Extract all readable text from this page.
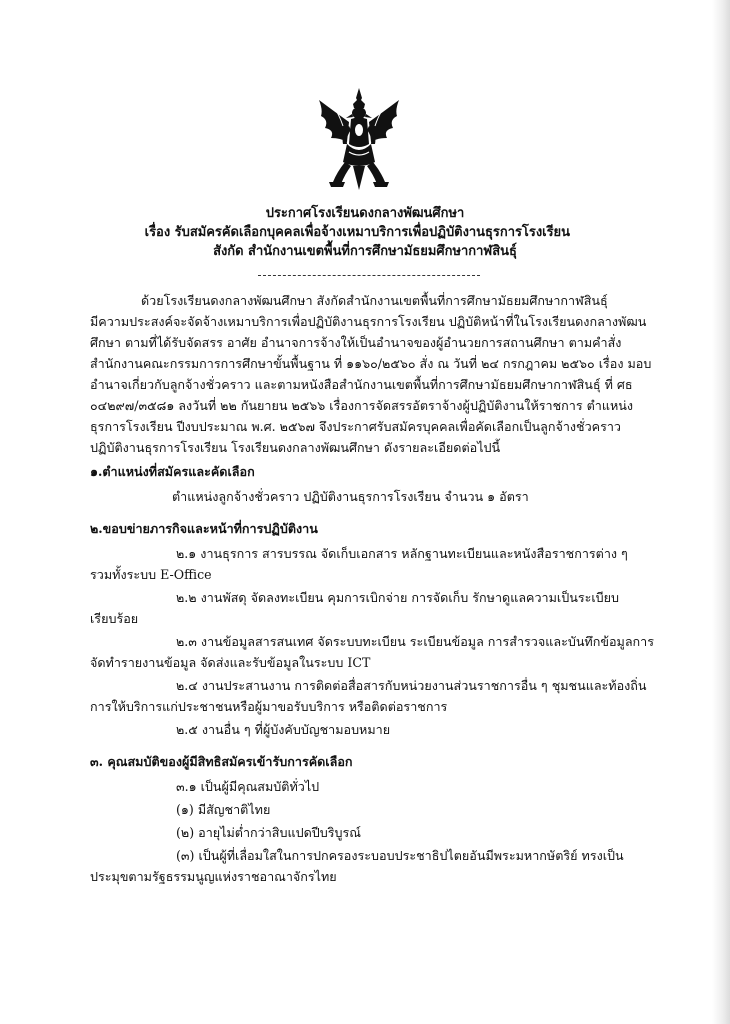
ประกาศโรงเรียนดงกลางพัฒนศึกษา
เรื่อง รับสมัครคัดเลือกบุคคลเพื่อจ้างเหมาบริการเพื่อปฏิบัติงานธุรการโรงเรียน
สังกัด สำนักงานเขตพื้นที่การศึกษามัธยมศึกษากาฬสินธุ์
ด้วยโรงเรียนดงกลางพัฒนศึกษา สังกัดสำนักงานเขตพื้นที่การศึกษามัธยมศึกษากาฬสินธุ์
มีความประสงค์จะจัดจ้างเหมาบริการเพื่อปฏิบัติงานธุรการโรงเรียน ปฏิบัติหน้าที่ในโรงเรียนดงกลางพัฒน
ศึกษา ตามที่ได้รับจัดสรร อาศัย อำนาจการจ้างให้เป็นอำนาจของผู้อำนวยการสถานศึกษา ตามคำสั่ง
สำนักงานคณะกรรมการการศึกษาขั้นพื้นฐาน ที่ ๑๑๖๐/๒๕๖๐ สั่ง ณ วันที่ ๒๔ กรกฎาคม ๒๕๖๐ เรื่อง มอบ
อำนาจเกี่ยวกับลูกจ้างชั่วคราว และตามหนังสือสำนักงานเขตพื้นที่การศึกษามัธยมศึกษากาฬสินธุ์ ที่ ศธ
๐๔๒๙๗/๓๕๘๑ ลงวันที่ ๒๒ กันยายน ๒๕๖๖ เรื่องการจัดสรรอัตราจ้างผู้ปฏิบัติงานให้ราชการ ตำแหน่ง
ธุรการโรงเรียน ปีงบประมาณ พ.ศ. ๒๕๖๗ จึงประกาศรับสมัครบุคคลเพื่อคัดเลือกเป็นลูกจ้างชั่วคราว
ปฏิบัติงานธุรการโรงเรียน โรงเรียนดงกลางพัฒนศึกษา ดังรายละเอียดต่อไปนี้
๑.ตำแหน่งที่สมัครและคัดเลือก
ตำแหน่งลูกจ้างชั่วคราว ปฏิบัติงานธุรการโรงเรียน จำนวน ๑ อัตรา
๒.ขอบข่ายภารกิจและหน้าที่การปฏิบัติงาน
๒.๑ งานธุรการ สารบรรณ จัดเก็บเอกสาร หลักฐานทะเบียนและหนังสือราชการต่าง ๆ
รวมทั้งระบบ E-Office
๒.๒ งานพัสดุ จัดลงทะเบียน คุมการเบิกจ่าย การจัดเก็บ รักษาดูแลความเป็นระเบียบ
เรียบร้อย
๒.๓ งานข้อมูลสารสนเทศ จัดระบบทะเบียน ระเบียนข้อมูล การสำรวจและบันทึกข้อมูลการ
จัดทำรายงานข้อมูล จัดส่งและรับข้อมูลในระบบ ICT
๒.๔ งานประสานงาน การติดต่อสื่อสารกับหน่วยงานส่วนราชการอื่น ๆ ชุมชนและท้องถิ่น
การให้บริการแก่ประชาชนหรือผู้มาขอรับบริการ หรือติดต่อราชการ
๒.๕ งานอื่น ๆ ที่ผู้บังคับบัญชามอบหมาย
๓. คุณสมบัติของผู้มีสิทธิสมัครเข้ารับการคัดเลือก
๓.๑ เป็นผู้มีคุณสมบัติทั่วไป
(๑) มีสัญชาติไทย
(๒) อายุไม่ต่ำกว่าสิบแปดปีบริบูรณ์
(๓) เป็นผู้ที่เลื่อมใสในการปกครองระบอบประชาธิปไตยอันมีพระมหากษัตริย์ ทรงเป็น
ประมุขตามรัฐธรรมนูญแห่งราชอาณาจักรไทย
